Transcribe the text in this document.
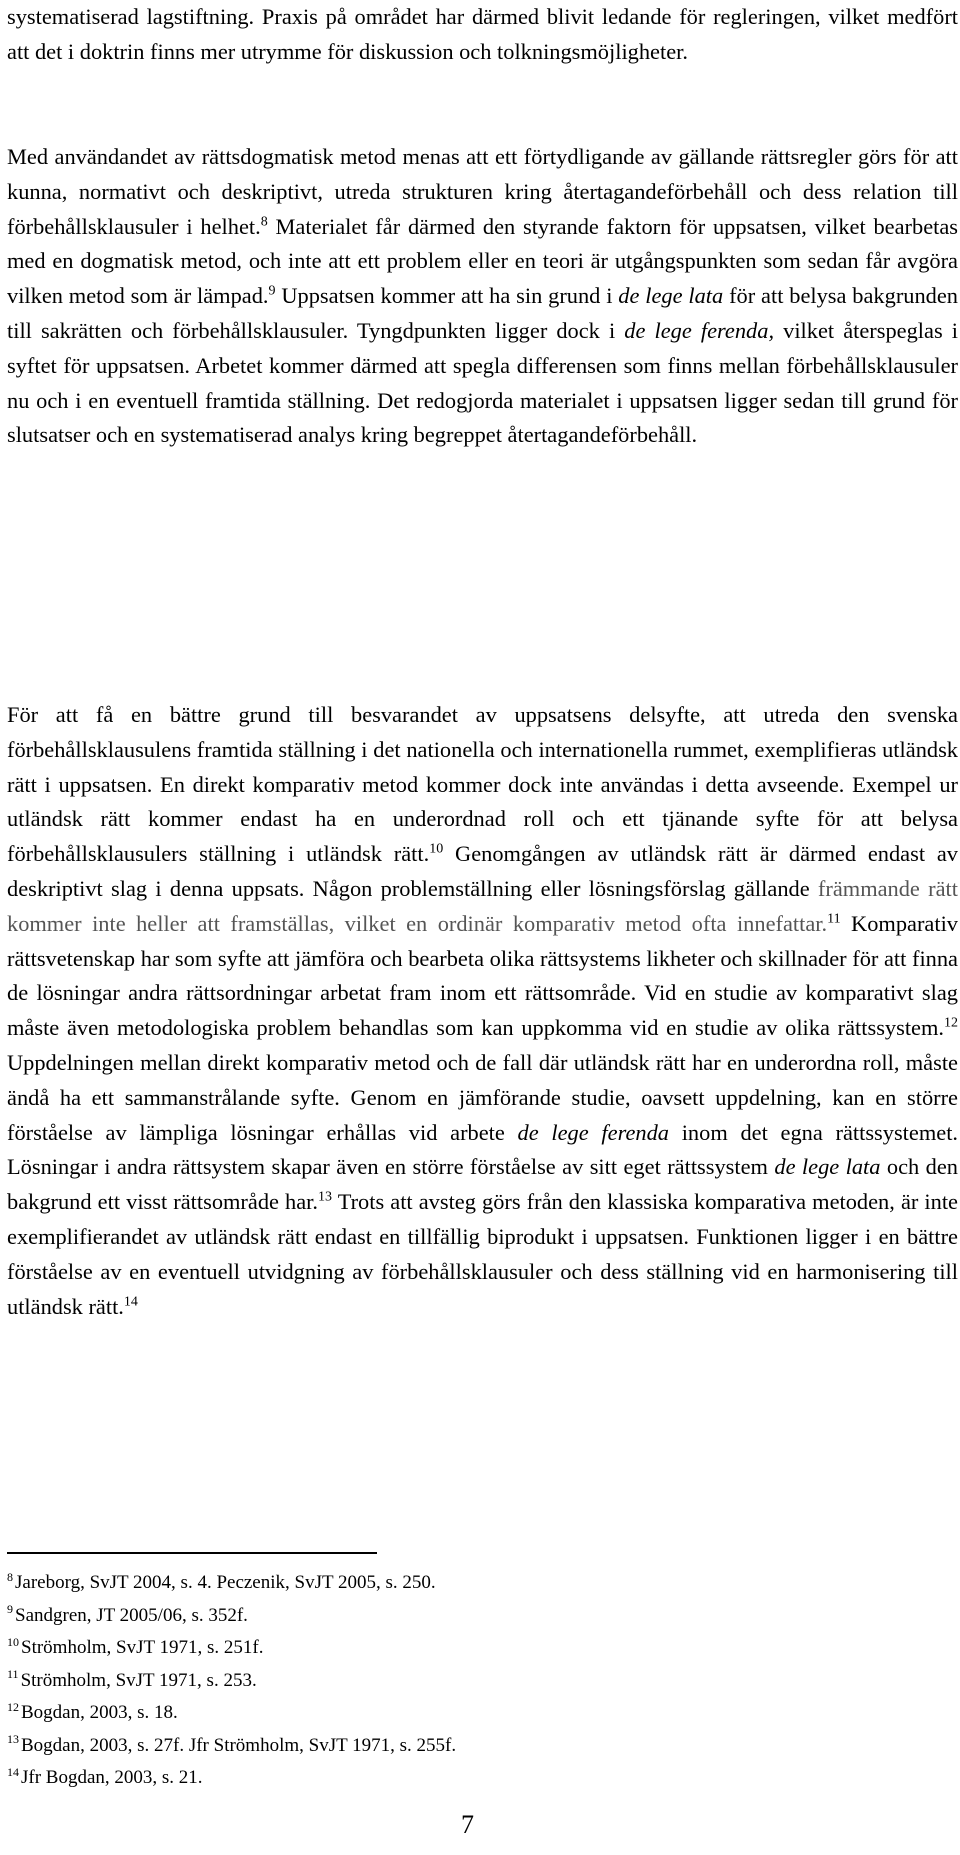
systematiserad lagstiftning. Praxis på området har därmed blivit ledande för regleringen, vilket medfört att det i doktrin finns mer utrymme för diskussion och tolkningsmöjligheter.

Med användandet av rättsdogmatisk metod menas att ett förtydligande av gällande rättsregler görs för att kunna, normativt och deskriptivt, utreda strukturen kring återtagandeförbehåll och dess relation till förbehållsklausuler i helhet.$^8$ Materialet får därmed den styrande faktorn för uppsatsen, vilket bearbetas med en dogmatisk metod, och inte att ett problem eller en teori är utgångspunkten som sedan får avgöra vilken metod som är lämpad.$^9$ Uppsatsen kommer att ha sin grund i de lege lata för att belysa bakgrunden till sakrätten och förbehållsklausuler. Tyngdpunkten ligger dock i de lege ferenda, vilket återspeglas i syftet för uppsatsen. Arbetet kommer därmed att spegla differensen som finns mellan förbehållsklausuler nu och i en eventuell framtida ställning. Det redogjorda materialet i uppsatsen ligger sedan till grund för slutsatser och en systematiserad analys kring begreppet återtagandeförbehåll.

För att få en bättre grund till besvarandet av uppsatsens delsyfte, att utreda den svenska förbehållsklausulens framtida ställning i det nationella och internationella rummet, exemplifieras utländsk rätt i uppsatsen. En direkt komparativ metod kommer dock inte användas i detta avseende. Exempel ur utländsk rätt kommer endast ha en underordnad roll och ett tjänande syfte för att belysa förbehållsklausulers ställning i utländsk rätt.$^{10}$ Genomgången av utländsk rätt är därmed endast av deskriptivt slag i denna uppsats. Någon problemställning eller lösningsförslag gällande främmande rätt kommer inte heller att framställas, vilket en ordinär komparativ metod ofta innefattar.$^{11}$ Komparativ rättsvetenskap har som syfte att jämföra och bearbeta olika rättsystems likheter och skillnader för att finna de lösningar andra rättsordningar arbetat fram inom ett rättsområde. Vid en studie av komparativt slag måste även metodologiska problem behandlas som kan uppkomma vid en studie av olika rättssystem.$^{12}$ Uppdelningen mellan direkt komparativ metod och de fall där utländsk rätt har en underordna roll, måste ändå ha ett sammanstrålande syfte. Genom en jämförande studie, oavsett uppdelning, kan en större förståelse av lämpliga lösningar erhållas vid arbete de lege ferenda inom det egna rättssystemet. Lösningar i andra rättsystem skapar även en större förståelse av sitt eget rättssystem de lege lata och den bakgrund ett visst rättsområde har.$^{13}$ Trots att avsteg görs från den klassiska komparativa metoden, är inte exemplifierandet av utländsk rätt endast en tillfällig biprodukt i uppsatsen. Funktionen ligger i en bättre förståelse av en eventuell utvidgning av förbehållsklausuler och dess ställning vid en harmonisering till utländsk rätt.$^{14}$

$^8$ Jareborg, SvJT 2004, s. 4. Peczenik, SvJT 2005, s. 250.
$^9$ Sandgren, JT 2005/06, s. 352f.
$^{10}$ Strömholm, SvJT 1971, s. 251f.
$^{11}$ Strömholm, SvJT 1971, s. 253.
$^{12}$ Bogdan, 2003, s. 18.
$^{13}$ Bogdan, 2003, s. 27f. Jfr Strömholm, SvJT 1971, s. 255f.
$^{14}$ Jfr Bogdan, 2003, s. 21.
7
